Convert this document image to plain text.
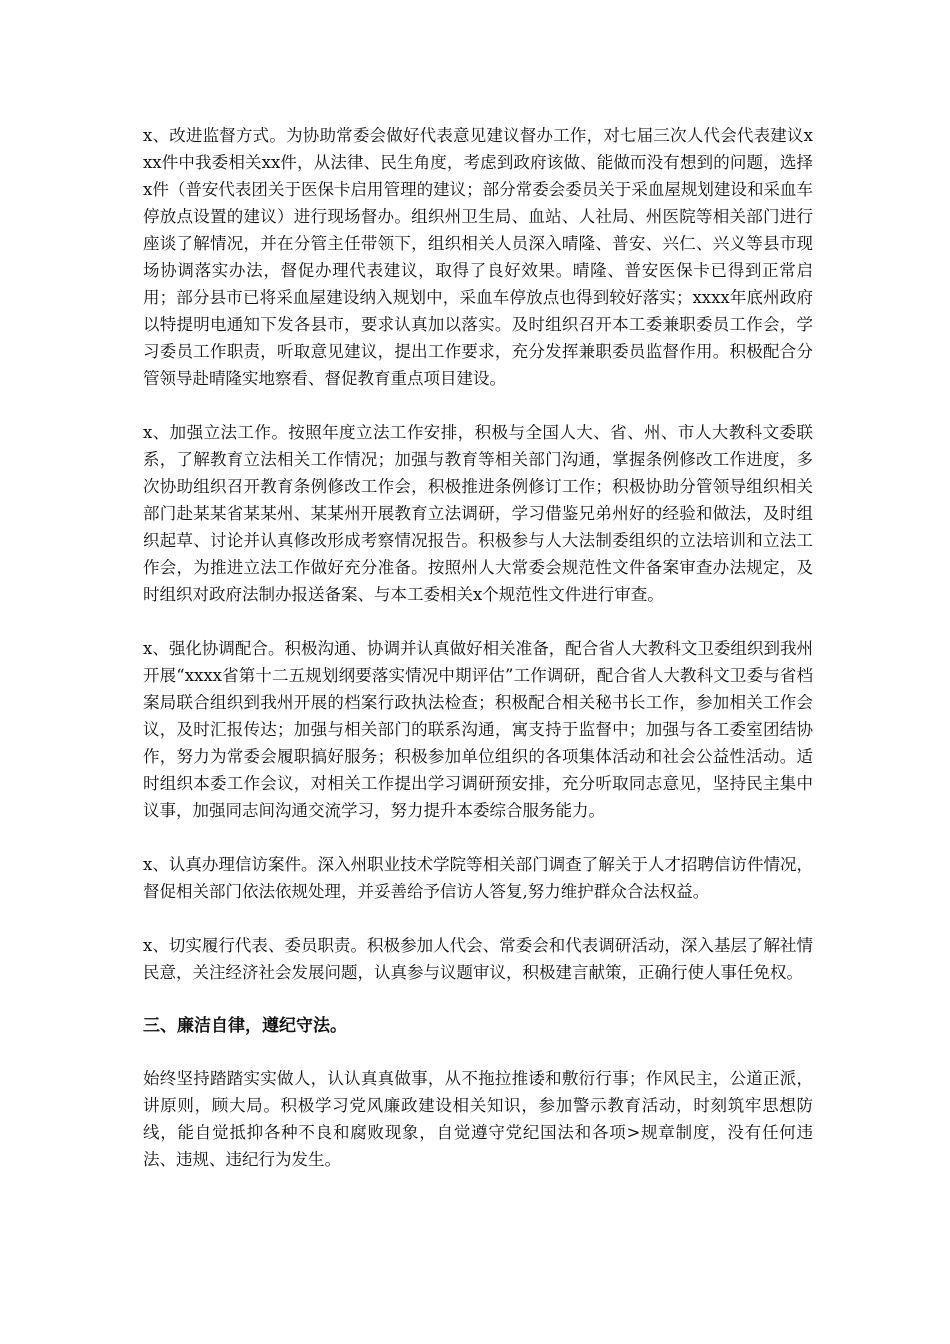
x、改进监督方式。为协助常委会做好代表意见建议督办工作，对七届三次人代会代表建议xxx件中我委相关xx件，从法律、民生角度，考虑到政府该做、能做而没有想到的问题，选择x件（普安代表团关于医保卡启用管理的建议；部分常委会委员关于采血屋规划建设和采血车停放点设置的建议）进行现场督办。组织州卫生局、血站、人社局、州医院等相关部门进行座谈了解情况，并在分管主任带领下，组织相关人员深入晴隆、普安、兴仁、兴义等县市现场协调落实办法，督促办理代表建议，取得了良好效果。晴隆、普安医保卡已得到正常启用；部分县市已将采血屋建设纳入规划中，采血车停放点也得到较好落实；xxxx年底州政府以特提明电通知下发各县市，要求认真加以落实。及时组织召开本工委兼职委员工作会，学习委员工作职责，听取意见建议，提出工作要求，充分发挥兼职委员监督作用。积极配合分管领导赴晴隆实地察看、督促教育重点项目建设。

x、加强立法工作。按照年度立法工作安排，积极与全国人大、省、州、市人大教科文委联系，了解教育立法相关工作情况；加强与教育等相关部门沟通，掌握条例修改工作进度，多次协助组织召开教育条例修改工作会，积极推进条例修订工作；积极协助分管领导组织相关部门赴某某省某某州、某某州开展教育立法调研，学习借鉴兄弟州好的经验和做法，及时组织起草、讨论并认真修改形成考察情况报告。积极参与人大法制委组织的立法培训和立法工作会，为推进立法工作做好充分准备。按照州人大常委会规范性文件备案审查办法规定，及时组织对政府法制办报送备案、与本工委相关x个规范性文件进行审查。

x、强化协调配合。积极沟通、协调并认真做好相关准备，配合省人大教科文卫委组织到我州开展“xxxx省第十二五规划纲要落实情况中期评估”工作调研，配合省人大教科文卫委与省档案局联合组织到我州开展的档案行政执法检查；积极配合相关秘书长工作，参加相关工作会议，及时汇报传达；加强与相关部门的联系沟通，寓支持于监督中；加强与各工委室团结协作，努力为常委会履职搞好服务；积极参加单位组织的各项集体活动和社会公益性活动。适时组织本委工作会议，对相关工作提出学习调研预安排，充分听取同志意见，坚持民主集中议事，加强同志间沟通交流学习，努力提升本委综合服务能力。

x、认真办理信访案件。深入州职业技术学院等相关部门调查了解关于人才招聘信访件情况，督促相关部门依法依规处理，并妥善给予信访人答复,努力维护群众合法权益。

x、切实履行代表、委员职责。积极参加人代会、常委会和代表调研活动，深入基层了解社情民意，关注经济社会发展问题，认真参与议题审议，积极建言献策，正确行使人事任免权。

三、廉洁自律，遵纪守法。

始终坚持踏踏实实做人，认认真真做事，从不拖拉推诿和敷衍行事；作风民主，公道正派，讲原则，顾大局。积极学习党风廉政建设相关知识，参加警示教育活动，时刻筑牢思想防线，能自觉抵抑各种不良和腐败现象，自觉遵守党纪国法和各项>规章制度，没有任何违法、违规、违纪行为发生。
